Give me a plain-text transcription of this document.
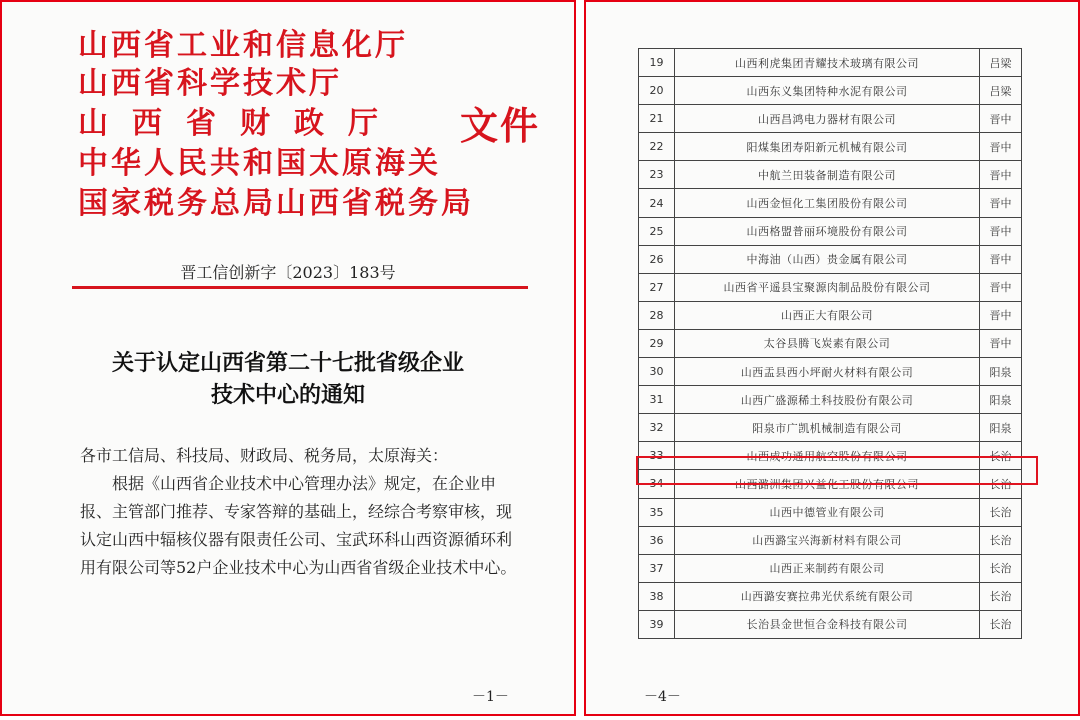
山西省工业和信息化厅
山西省科学技术厅
山西省财政厅
中华人民共和国太原海关
国家税务总局山西省税务局
文件
晋工信创新字〔2023〕183号
关于认定山西省第二十七批省级企业
技术中心的通知
各市工信局、科技局、财政局、税务局，太原海关：
根据《山西省企业技术中心管理办法》规定，在企业申报、主管部门推荐、专家答辩的基础上，经综合考察审核，现认定山西中辐核仪器有限责任公司、宝武环科山西资源循环利用有限公司等52户企业技术中心为山西省省级企业技术中心。
－1－
19	山西利虎集团青耀技术玻璃有限公司	吕梁
20	山西东义集团特种水泥有限公司	吕梁
21	山西昌鸿电力器材有限公司	晋中
22	阳煤集团寿阳新元机械有限公司	晋中
23	中航兰田装备制造有限公司	晋中
24	山西金恒化工集团股份有限公司	晋中
25	山西格盟普丽环境股份有限公司	晋中
26	中海油（山西）贵金属有限公司	晋中
27	山西省平遥县宝聚源肉制品股份有限公司	晋中
28	山西正大有限公司	晋中
29	太谷县腾飞炭素有限公司	晋中
30	山西盂县西小坪耐火材料有限公司	阳泉
31	山西广盛源稀土科技股份有限公司	阳泉
32	阳泉市广凯机械制造有限公司	阳泉
33	山西成功通用航空股份有限公司	长治
34	山西潞洲集团兴益化工股份有限公司	长治
35	山西中德管业有限公司	长治
36	山西潞宝兴海新材料有限公司	长治
37	山西正来制药有限公司	长治
38	山西潞安赛拉弗光伏系统有限公司	长治
39	长治县金世恒合金科技有限公司	长治
－4－
